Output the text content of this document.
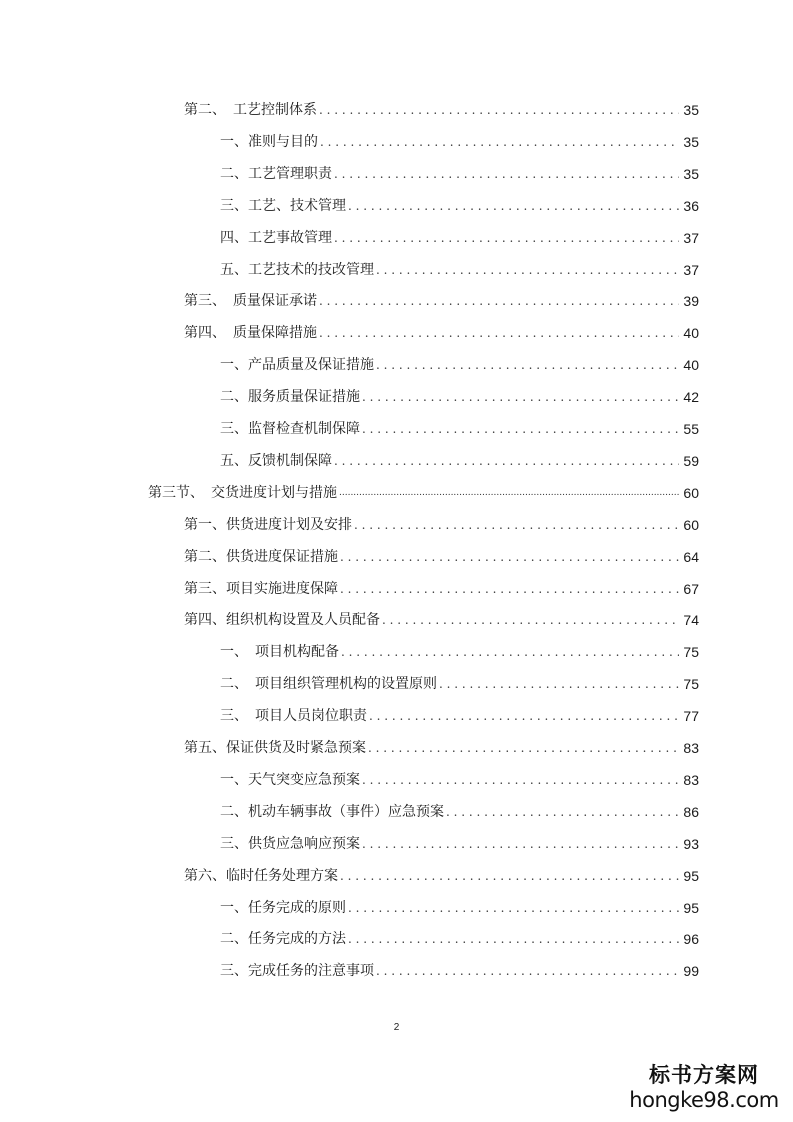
第二、　工艺控制体系 . . .	35
一、准则与目的 . . .	35
二、工艺管理职责 . . .	35
三、工艺、技术管理 . . .	36
四、工艺事故管理 . . .	37
五、工艺技术的技改管理 . . .	37
第三、　质量保证承诺 . . .	39
第四、　质量保障措施 . . .	40
一、产品质量及保证措施 . . .	40
二、服务质量保证措施 . . .	42
三、监督检查机制保障 . . .	55
五、反馈机制保障 . . .	59
第三节、　交货进度计划与措施 .....	60
第一、供货进度计划及安排 . . .	60
第二、供货进度保证措施 . . .	64
第三、项目实施进度保障 . . .	67
第四、组织机构设置及人员配备 . . .	74
一、　项目机构配备 . . .	75
二、　项目组织管理机构的设置原则 . . .	75
三、　项目人员岗位职责 . . .	77
第五、保证供货及时紧急预案 . . .	83
一、天气突变应急预案 . . .	83
二、机动车辆事故（事件）应急预案 . . .	86
三、供货应急响应预案 . . .	93
第六、临时任务处理方案 . . .	95
一、任务完成的原则 . . .	95
二、任务完成的方法 . . .	96
三、完成任务的注意事项 . . .	99
2
标书方案网
hongke98.com
